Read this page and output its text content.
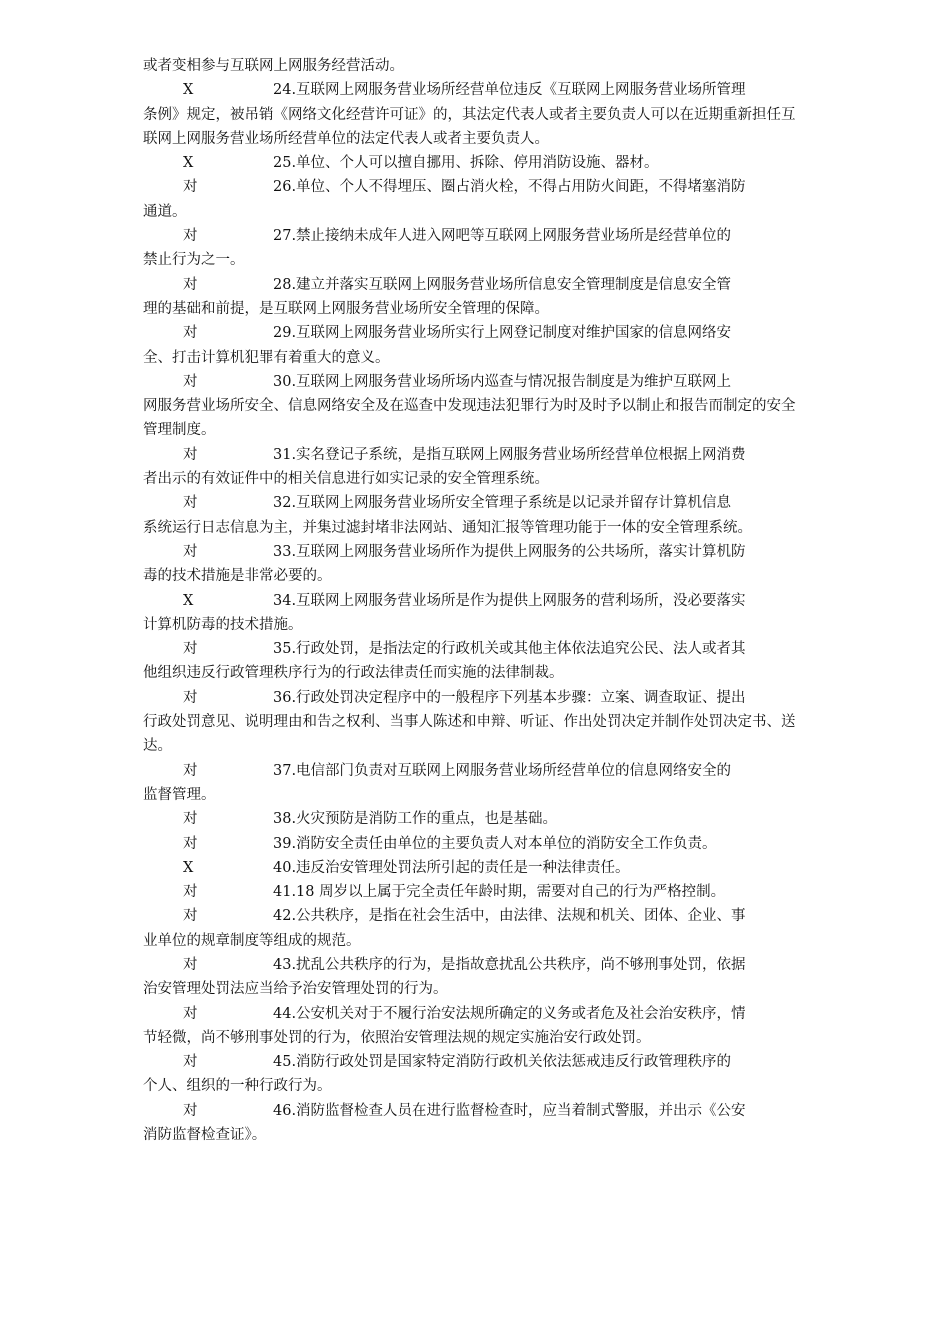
或者变相参与互联网上网服务经营活动。

X	24.互联网上网服务营业场所经营单位违反《互联网上网服务营业场所管理
条例》规定，被吊销《网络文化经营许可证》的，其法定代表人或者主要负责人可以在近期重新担任互联网上网服务营业场所经营单位的法定代表人或者主要负责人。
X	25.单位、个人可以擅自挪用、拆除、停用消防设施、器材。
对	26.单位、个人不得埋压、圈占消火栓，不得占用防火间距，不得堵塞消防
通道。
对	27.禁止接纳未成年人进入网吧等互联网上网服务营业场所是经营单位的
禁止行为之一。
对	28.建立并落实互联网上网服务营业场所信息安全管理制度是信息安全管
理的基础和前提，是互联网上网服务营业场所安全管理的保障。
对	29.互联网上网服务营业场所实行上网登记制度对维护国家的信息网络安
全、打击计算机犯罪有着重大的意义。
对	30.互联网上网服务营业场所场内巡查与情况报告制度是为维护互联网上
网服务营业场所安全、信息网络安全及在巡查中发现违法犯罪行为时及时予以制止和报告而制定的安全管理制度。
对	31.实名登记子系统，是指互联网上网服务营业场所经营单位根据上网消费
者出示的有效证件中的相关信息进行如实记录的安全管理系统。
对	32.互联网上网服务营业场所安全管理子系统是以记录并留存计算机信息
系统运行日志信息为主，并集过滤封堵非法网站、通知汇报等管理功能于一体的安全管理系统。
对	33.互联网上网服务营业场所作为提供上网服务的公共场所，落实计算机防
毒的技术措施是非常必要的。
X	34.互联网上网服务营业场所是作为提供上网服务的营利场所，没必要落实
计算机防毒的技术措施。
对	35.行政处罚，是指法定的行政机关或其他主体依法追究公民、法人或者其
他组织违反行政管理秩序行为的行政法律责任而实施的法律制裁。
对	36.行政处罚决定程序中的一般程序下列基本步骤：立案、调查取证、提出
行政处罚意见、说明理由和告之权利、当事人陈述和申辩、听证、作出处罚决定并制作处罚决定书、送达。
对	37.电信部门负责对互联网上网服务营业场所经营单位的信息网络安全的
监督管理。
对	38.火灾预防是消防工作的重点，也是基础。
对	39.消防安全责任由单位的主要负责人对本单位的消防安全工作负责。
X	40.违反治安管理处罚法所引起的责任是一种法律责任。
对	41.18 周岁以上属于完全责任年龄时期，需要对自己的行为严格控制。
对	42.公共秩序，是指在社会生活中，由法律、法规和机关、团体、企业、事
业单位的规章制度等组成的规范。
对	43.扰乱公共秩序的行为，是指故意扰乱公共秩序，尚不够刑事处罚，依据
治安管理处罚法应当给予治安管理处罚的行为。
对	44.公安机关对于不履行治安法规所确定的义务或者危及社会治安秩序，情
节轻微，尚不够刑事处罚的行为，依照治安管理法规的规定实施治安行政处罚。
对	45.消防行政处罚是国家特定消防行政机关依法惩戒违反行政管理秩序的
个人、组织的一种行政行为。
对	46.消防监督检查人员在进行监督检查时，应当着制式警服，并出示《公安
消防监督检查证》。
